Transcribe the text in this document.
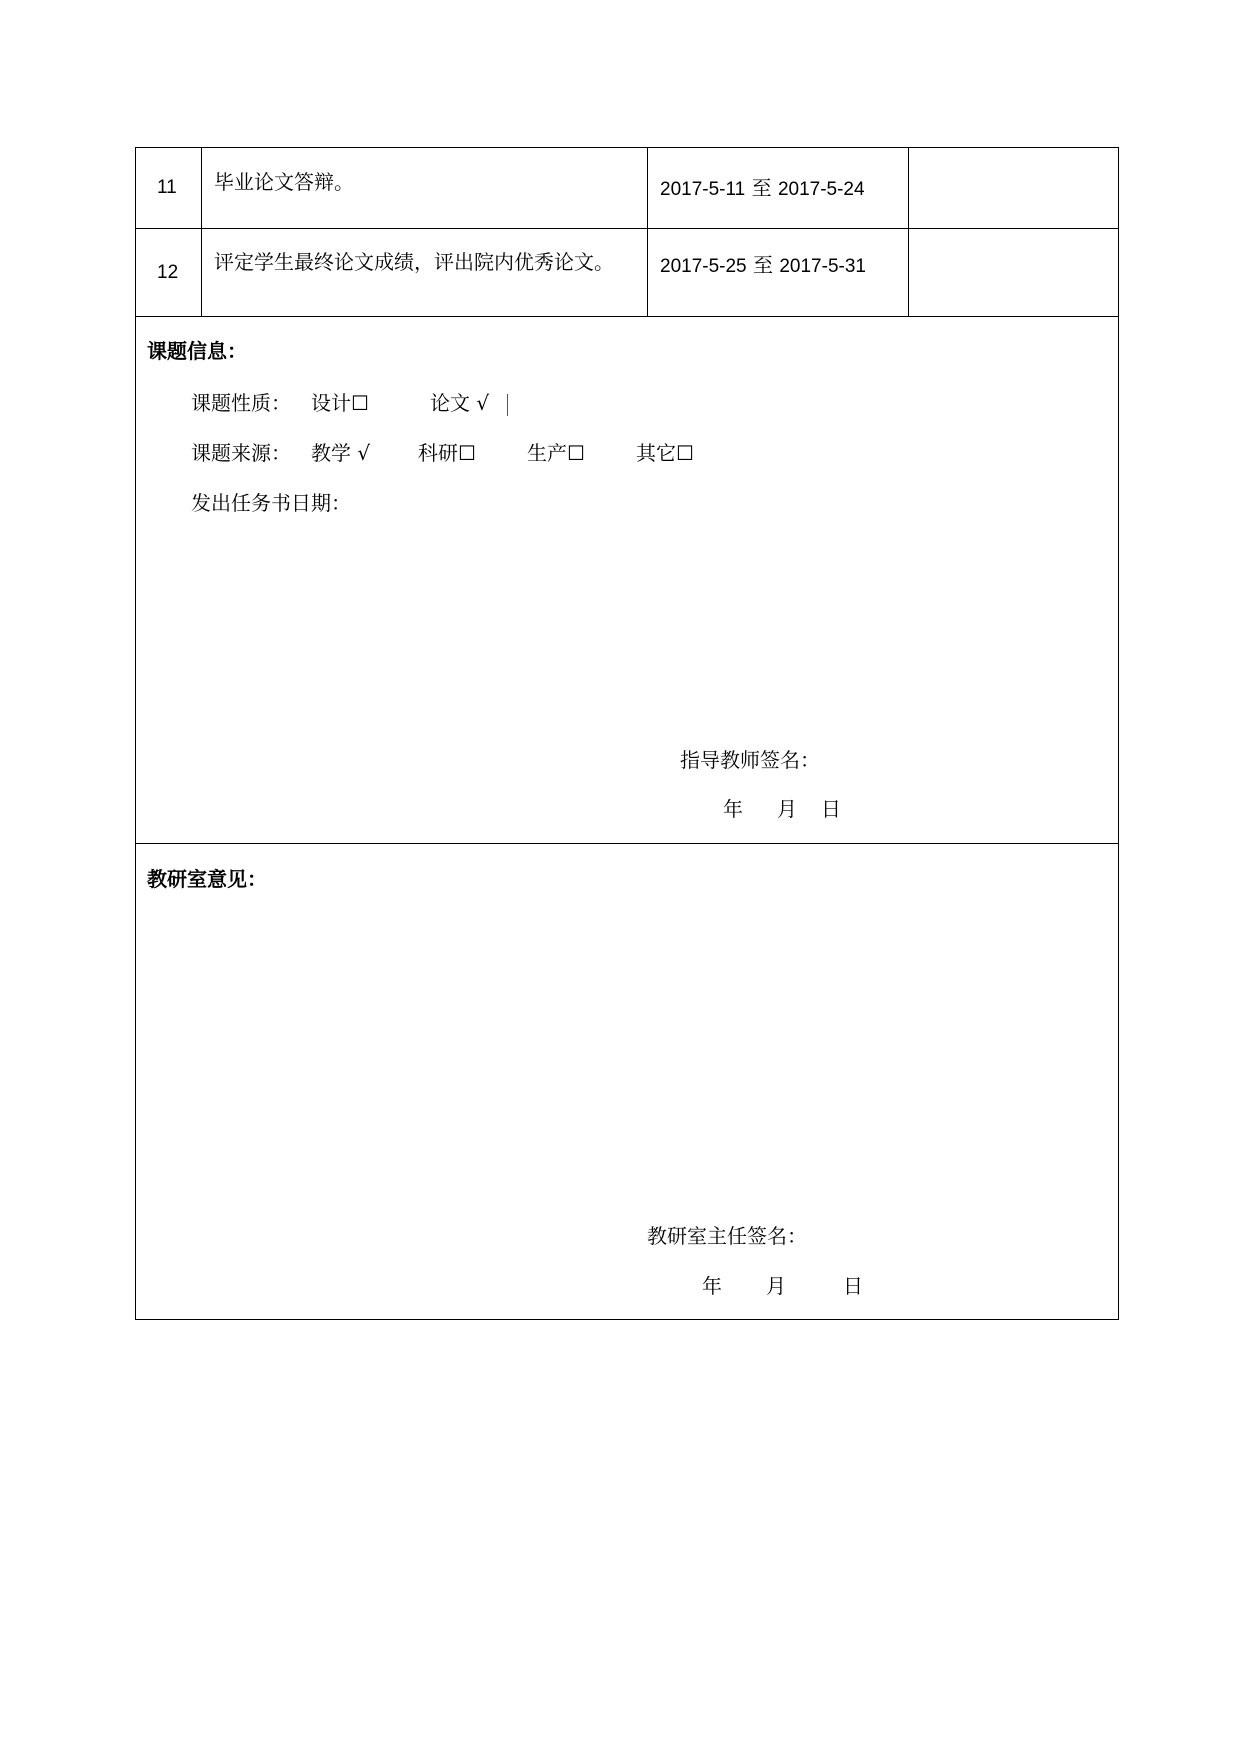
11 毕业论文答辩。	2017-5-11 至 2017-5-24
12 评定学生最终论文成绩，评出院内优秀论文。 2017-5-25 至 2017-5-31
课题信息：
课题性质： 设计☐	论文 √
课题来源： 教学 √ 科研☐	生产☐	其它☐
发出任务书日期：
指导教师签名：
年 月 日
教研室意见：
教研室主任签名：
年 月	日
